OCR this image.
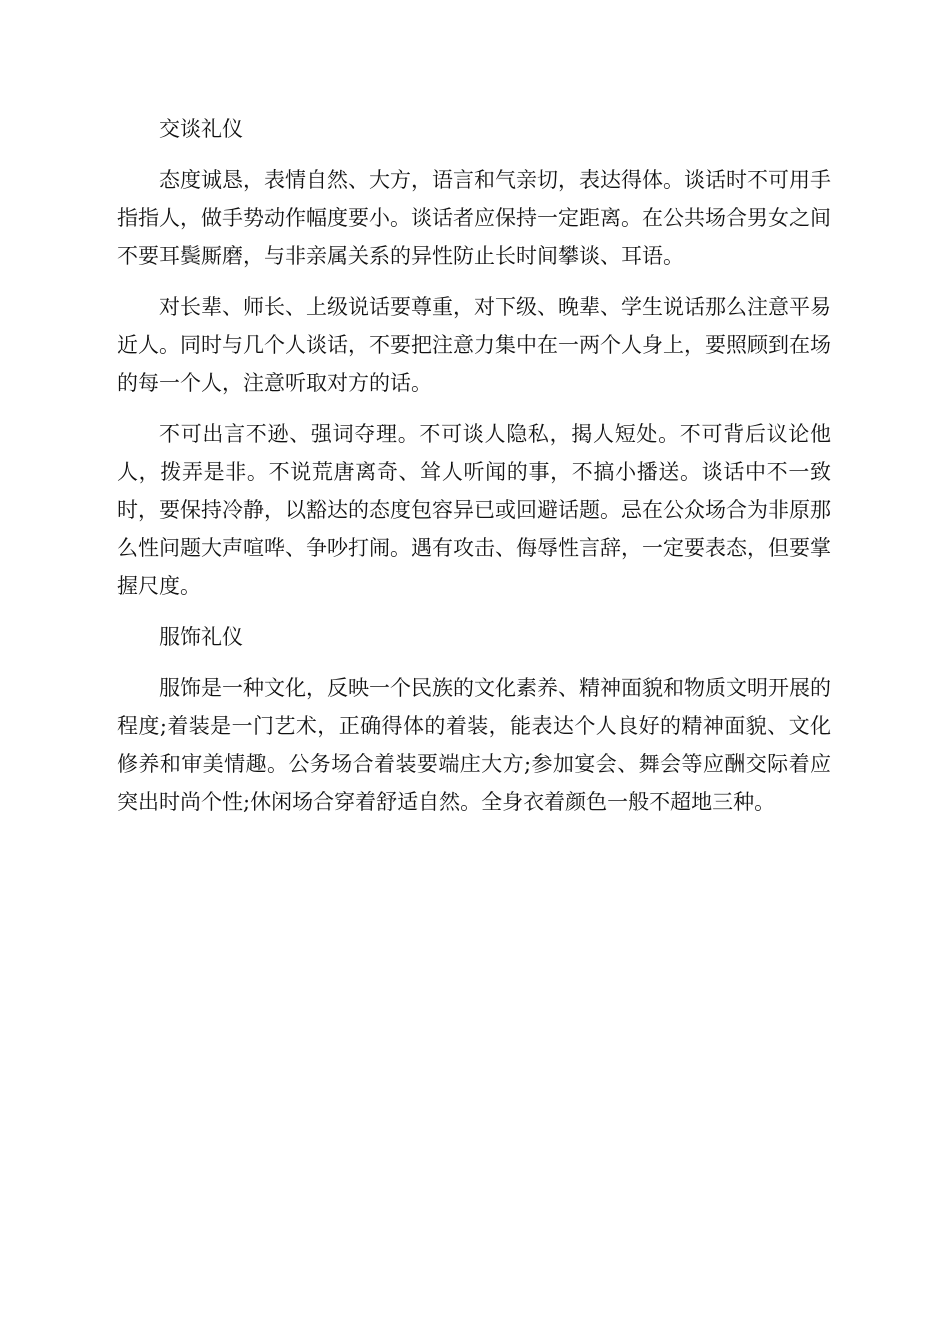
交谈礼仪

态度诚恳，表情自然、大方，语言和气亲切，表达得体。谈话时不可用手指指人，做手势动作幅度要小。谈话者应保持一定距离。在公共场合男女之间不要耳鬓厮磨，与非亲属关系的异性防止长时间攀谈、耳语。

对长辈、师长、上级说话要尊重，对下级、晚辈、学生说话那么注意平易近人。同时与几个人谈话，不要把注意力集中在一两个人身上，要照顾到在场的每一个人，注意听取对方的话。

不可出言不逊、强词夺理。不可谈人隐私，揭人短处。不可背后议论他人，拨弄是非。不说荒唐离奇、耸人听闻的事，不搞小播送。谈话中不一致时，要保持冷静，以豁达的态度包容异已或回避话题。忌在公众场合为非原那么性问题大声喧哗、争吵打闹。遇有攻击、侮辱性言辞，一定要表态，但要掌握尺度。

服饰礼仪

服饰是一种文化，反映一个民族的文化素养、精神面貌和物质文明开展的程度;着装是一门艺术，正确得体的着装，能表达个人良好的精神面貌、文化修养和审美情趣。公务场合着装要端庄大方;参加宴会、舞会等应酬交际着应突出时尚个性;休闲场合穿着舒适自然。全身衣着颜色一般不超地三种。
